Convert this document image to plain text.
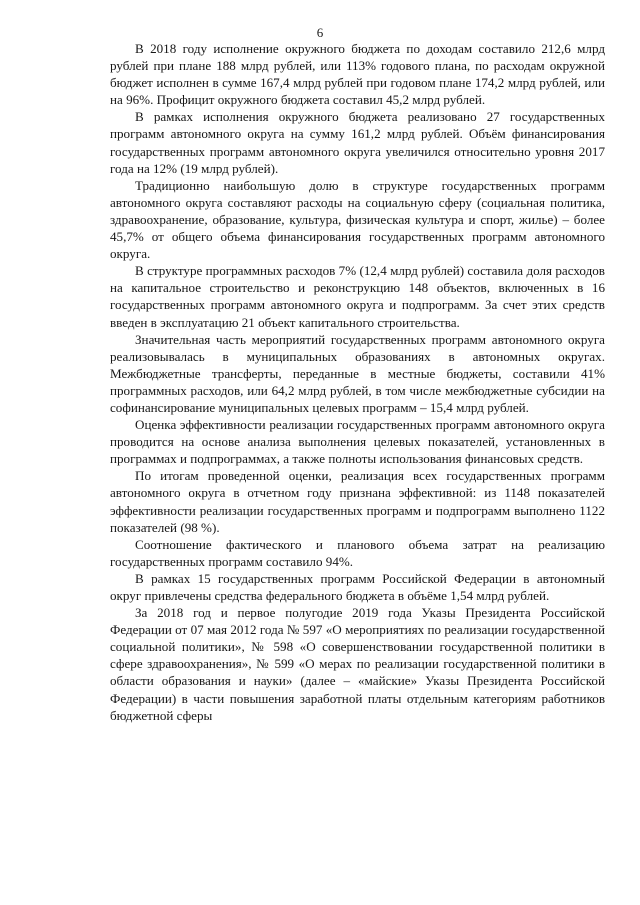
6

В 2018 году исполнение окружного бюджета по доходам составило 212,6 млрд рублей при плане 188 млрд рублей, или 113% годового плана, по расходам окружной бюджет исполнен в сумме 167,4 млрд рублей при годовом плане 174,2 млрд рублей, или на 96%. Профицит окружного бюджета составил 45,2 млрд рублей.

В рамках исполнения окружного бюджета реализовано 27 государственных программ автономного округа на сумму 161,2 млрд рублей. Объём финансирования государственных программ автономного округа увеличился относительно уровня 2017 года на 12% (19 млрд рублей).

Традиционно наибольшую долю в структуре государственных программ автономного округа составляют расходы на социальную сферу (социальная политика, здравоохранение, образование, культура, физическая культура и спорт, жилье) – более 45,7% от общего объема финансирования государственных программ автономного округа.

В структуре программных расходов 7% (12,4 млрд рублей) составила доля расходов на капитальное строительство и реконструкцию 148 объектов, включенных в 16 государственных программ автономного округа и подпрограмм. За счет этих средств введен в эксплуатацию 21 объект капитального строительства.

Значительная часть мероприятий государственных программ автономного округа реализовывалась в муниципальных образованиях в автономных округах. Межбюджетные трансферты, переданные в местные бюджеты, составили 41% программных расходов, или 64,2 млрд рублей, в том числе межбюджетные субсидии на софинансирование муниципальных целевых программ – 15,4 млрд рублей.

Оценка эффективности реализации государственных программ автономного округа проводится на основе анализа выполнения целевых показателей, установленных в программах и подпрограммах, а также полноты использования финансовых средств.

По итогам проведенной оценки, реализация всех государственных программ автономного округа в отчетном году признана эффективной: из 1148 показателей эффективности реализации государственных программ и подпрограмм выполнено 1122 показателей (98 %).

Соотношение фактического и планового объема затрат на реализацию государственных программ составило 94%.

В рамках 15 государственных программ Российской Федерации в автономный округ привлечены средства федерального бюджета в объёме 1,54 млрд рублей.

За 2018 год и первое полугодие 2019 года Указы Президента Российской Федерации от 07 мая 2012 года № 597 «О мероприятиях по реализации государственной социальной политики», № 598 «О совершенствовании государственной политики в сфере здравоохранения», № 599 «О мерах по реализации государственной политики в области образования и науки» (далее – «майские» Указы Президента Российской Федерации) в части повышения заработной платы отдельным категориям работников бюджетной сферы
